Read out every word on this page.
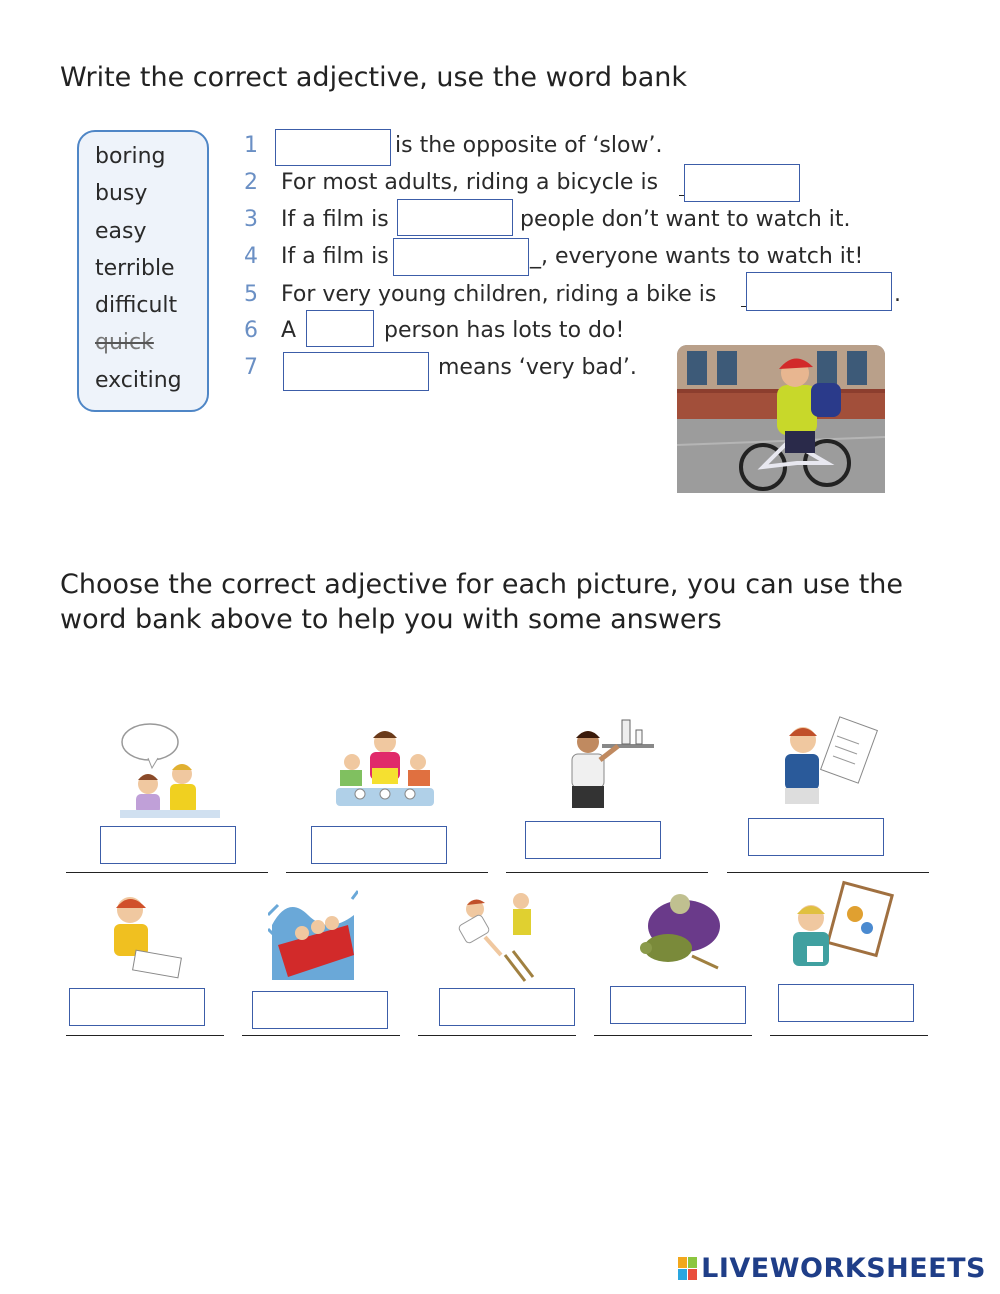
Write the correct adjective, use the word bank
boring
busy
easy
terrible
difficult
quick
exciting
1	is the opposite of ‘slow’.
2 For most adults, riding a bicycle is
3 If a film is	people don’t want to watch it.
4 If a film is	_, everyone wants to watch it!
5 For very young children, riding a bike is	.
6 A	person has lots to do!
7	means ‘very bad’.
Choose the correct adjective for each picture, you can use the word bank above to help you with some answers
LIVEWORKSHEETS
